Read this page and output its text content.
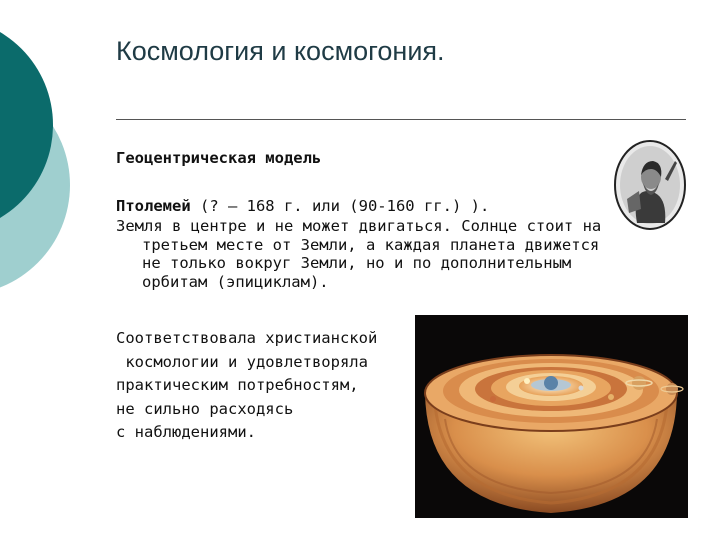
Космология и космогония.
Геоцентрическая модель
Птолемей (? — 168 г. или (90-160 гг.) ).
Земля в центре и не может двигаться. Солнце стоит на
третьем месте от Земли, а каждая планета движется
не только вокруг Земли, но и по дополнительным
орбитам (эпициклам).
Соответствовала христианской
космологии и удовлетворяла
практическим потребностям,
не сильно расходясь
с наблюдениями.
